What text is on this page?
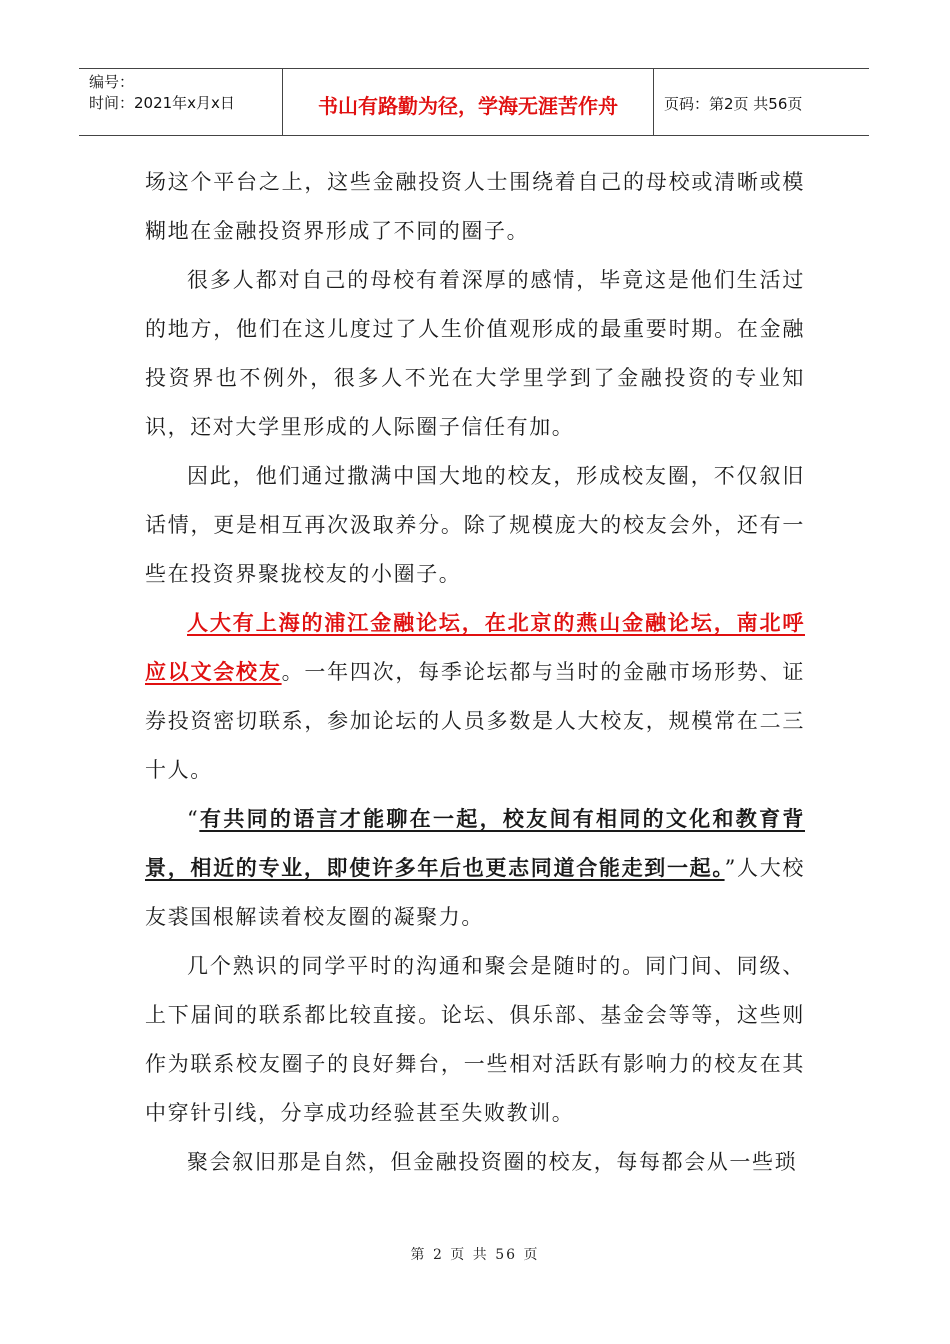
编号：
时间：2021年x月x日	书山有路勤为径，学海无涯苦作舟	页码：第2页 共56页

场这个平台之上，这些金融投资人士围绕着自己的母校或清晰或模糊地在金融投资界形成了不同的圈子。

很多人都对自己的母校有着深厚的感情，毕竟这是他们生活过的地方，他们在这儿度过了人生价值观形成的最重要时期。在金融投资界也不例外，很多人不光在大学里学到了金融投资的专业知识，还对大学里形成的人际圈子信任有加。

因此，他们通过撒满中国大地的校友，形成校友圈，不仅叙旧话情，更是相互再次汲取养分。除了规模庞大的校友会外，还有一些在投资界聚拢校友的小圈子。

人大有上海的浦江金融论坛，在北京的燕山金融论坛，南北呼应以文会校友。一年四次，每季论坛都与当时的金融市场形势、证券投资密切联系，参加论坛的人员多数是人大校友，规模常在二三十人。

“有共同的语言才能聊在一起，校友间有相同的文化和教育背景，相近的专业，即使许多年后也更志同道合能走到一起。”人大校友裘国根解读着校友圈的凝聚力。

几个熟识的同学平时的沟通和聚会是随时的。同门间、同级、上下届间的联系都比较直接。论坛、俱乐部、基金会等等，这些则作为联系校友圈子的良好舞台，一些相对活跃有影响力的校友在其中穿针引线，分享成功经验甚至失败教训。

聚会叙旧那是自然，但金融投资圈的校友，每每都会从一些琐

第 2 页 共 56 页
